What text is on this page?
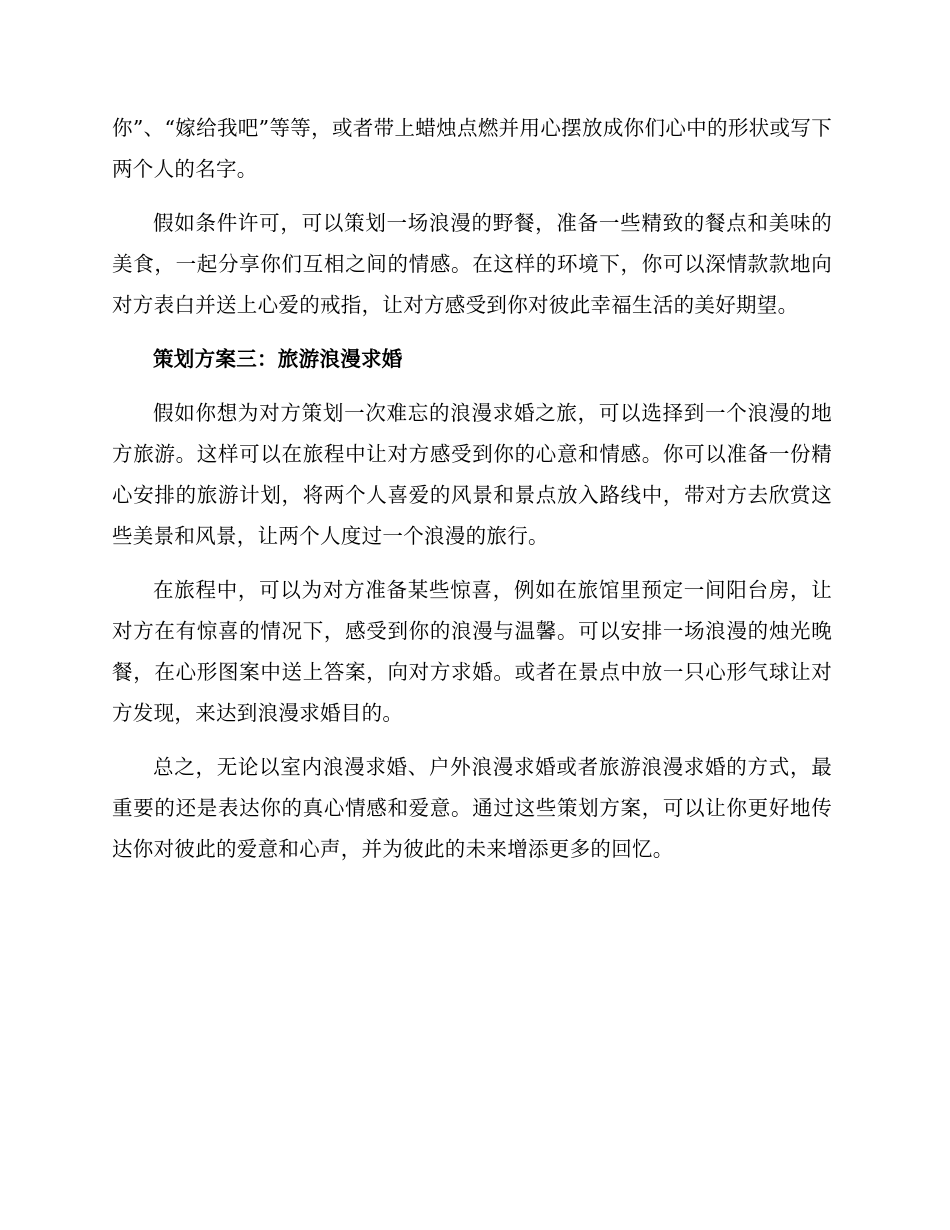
你”、“嫁给我吧”等等，或者带上蜡烛点燃并用心摆放成你们心中的形状或写下两个人的名字。

假如条件许可，可以策划一场浪漫的野餐，准备一些精致的餐点和美味的美食，一起分享你们互相之间的情感。在这样的环境下，你可以深情款款地向对方表白并送上心爱的戒指，让对方感受到你对彼此幸福生活的美好期望。

策划方案三：旅游浪漫求婚

假如你想为对方策划一次难忘的浪漫求婚之旅，可以选择到一个浪漫的地方旅游。这样可以在旅程中让对方感受到你的心意和情感。你可以准备一份精心安排的旅游计划，将两个人喜爱的风景和景点放入路线中，带对方去欣赏这些美景和风景，让两个人度过一个浪漫的旅行。

在旅程中，可以为对方准备某些惊喜，例如在旅馆里预定一间阳台房，让对方在有惊喜的情况下，感受到你的浪漫与温馨。可以安排一场浪漫的烛光晚餐，在心形图案中送上答案，向对方求婚。或者在景点中放一只心形气球让对方发现，来达到浪漫求婚目的。

总之，无论以室内浪漫求婚、户外浪漫求婚或者旅游浪漫求婚的方式，最重要的还是表达你的真心情感和爱意。通过这些策划方案，可以让你更好地传达你对彼此的爱意和心声，并为彼此的未来增添更多的回忆。
